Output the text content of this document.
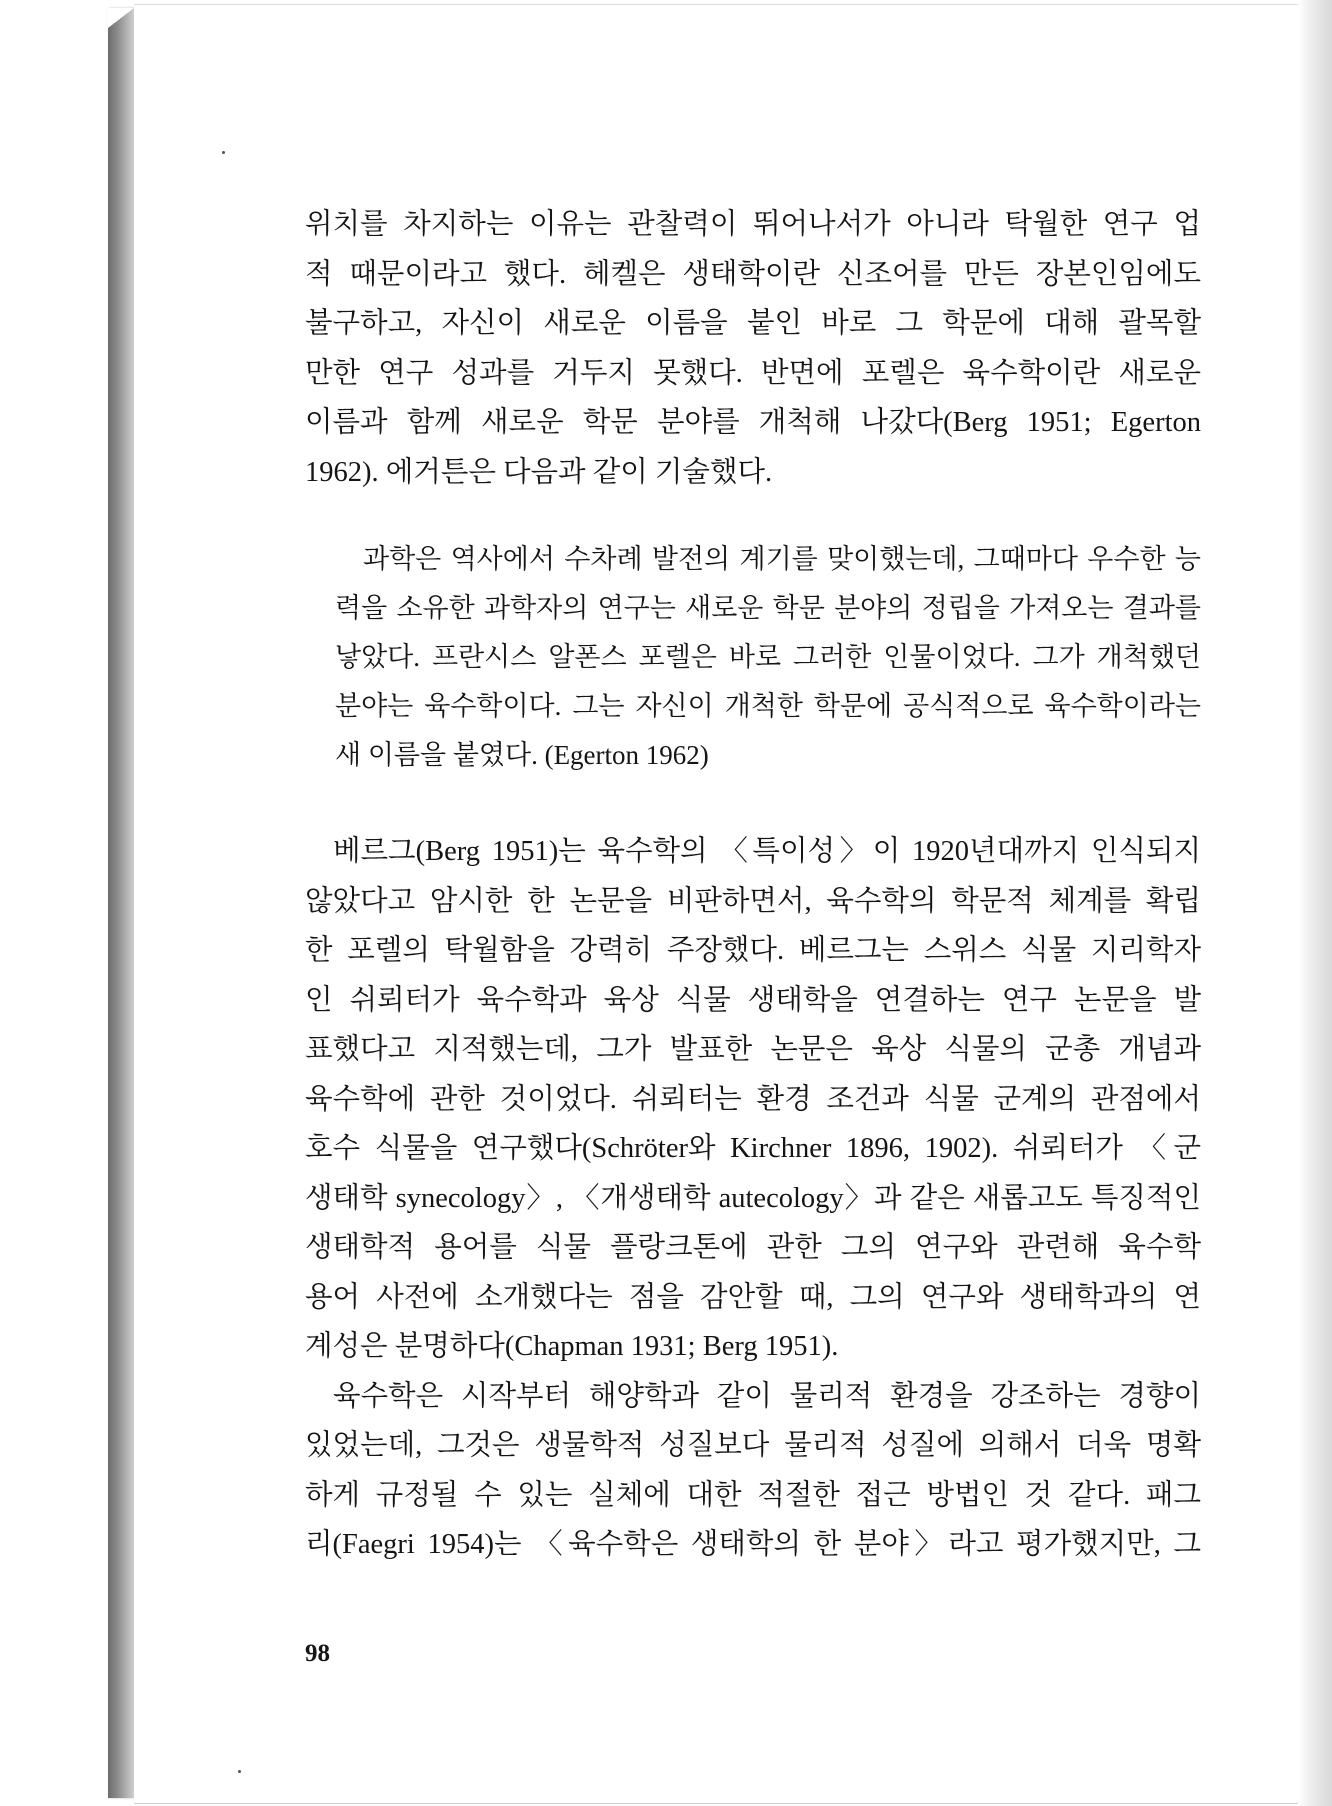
위치를 차지하는 이유는 관찰력이 뛰어나서가 아니라 탁월한 연구 업
적 때문이라고 했다. 헤켈은 생태학이란 신조어를 만든 장본인임에도
불구하고, 자신이 새로운 이름을 붙인 바로 그 학문에 대해 괄목할
만한 연구 성과를 거두지 못했다. 반면에 포렐은 육수학이란 새로운
이름과 함께 새로운 학문 분야를 개척해 나갔다(Berg 1951; Egerton
1962). 에거튼은 다음과 같이 기술했다.
과학은 역사에서 수차례 발전의 계기를 맞이했는데, 그때마다 우수한 능
력을 소유한 과학자의 연구는 새로운 학문 분야의 정립을 가져오는 결과를
낳았다. 프란시스 알폰스 포렐은 바로 그러한 인물이었다. 그가 개척했던
분야는 육수학이다. 그는 자신이 개척한 학문에 공식적으로 육수학이라는
새 이름을 붙였다. (Egerton 1962)
베르그(Berg 1951)는 육수학의 〈특이성〉이 1920년대까지 인식되지
않았다고 암시한 한 논문을 비판하면서, 육수학의 학문적 체계를 확립
한 포렐의 탁월함을 강력히 주장했다. 베르그는 스위스 식물 지리학자
인 쉬뢰터가 육수학과 육상 식물 생태학을 연결하는 연구 논문을 발
표했다고 지적했는데, 그가 발표한 논문은 육상 식물의 군총 개념과
육수학에 관한 것이었다. 쉬뢰터는 환경 조건과 식물 군계의 관점에서
호수 식물을 연구했다(Schröter와 Kirchner 1896, 1902). 쉬뢰터가 〈군
생태학 synecology〉, 〈개생태학 autecology〉과 같은 새롭고도 특징적인
생태학적 용어를 식물 플랑크톤에 관한 그의 연구와 관련해 육수학
용어 사전에 소개했다는 점을 감안할 때, 그의 연구와 생태학과의 연
계성은 분명하다(Chapman 1931; Berg 1951).
육수학은 시작부터 해양학과 같이 물리적 환경을 강조하는 경향이
있었는데, 그것은 생물학적 성질보다 물리적 성질에 의해서 더욱 명확
하게 규정될 수 있는 실체에 대한 적절한 접근 방법인 것 같다. 패그
리(Faegri 1954)는 〈육수학은 생태학의 한 분야〉라고 평가했지만, 그
98
